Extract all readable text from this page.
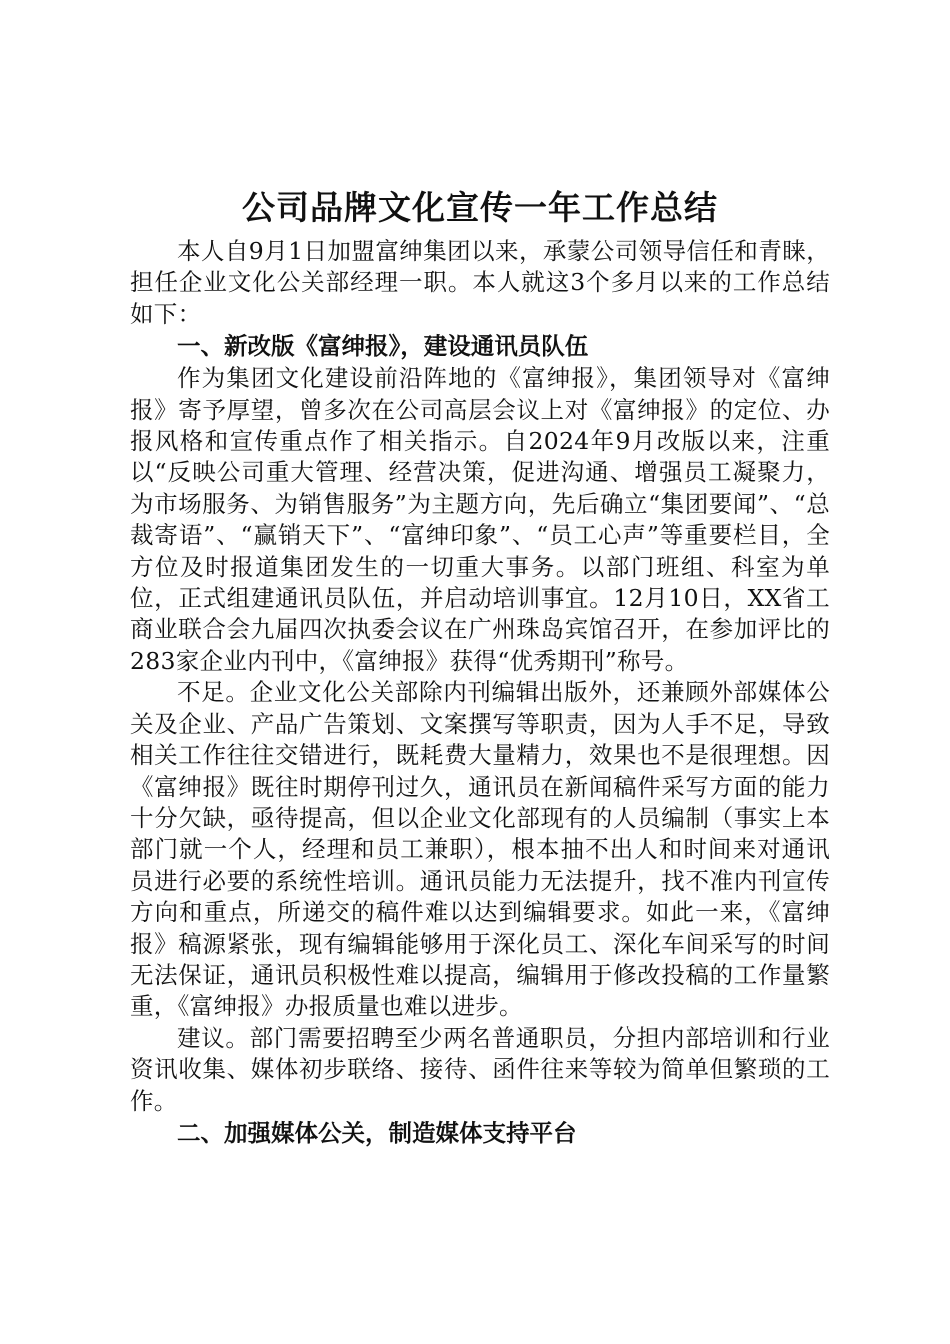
公司品牌文化宣传一年工作总结

本人自9月1日加盟富绅集团以来，承蒙公司领导信任和青睐，担任企业文化公关部经理一职。本人就这3个多月以来的工作总结如下：

一、新改版《富绅报》，建设通讯员队伍

作为集团文化建设前沿阵地的《富绅报》，集团领导对《富绅报》寄予厚望，曾多次在公司高层会议上对《富绅报》的定位、办报风格和宣传重点作了相关指示。自2024年9月改版以来，注重以“反映公司重大管理、经营决策，促进沟通、增强员工凝聚力，为市场服务、为销售服务”为主题方向，先后确立“集团要闻”、“总裁寄语”、“赢销天下”、“富绅印象”、“员工心声”等重要栏目，全方位及时报道集团发生的一切重大事务。以部门班组、科室为单位，正式组建通讯员队伍，并启动培训事宜。12月10日，XX省工商业联合会九届四次执委会议在广州珠岛宾馆召开，在参加评比的283家企业内刊中，《富绅报》获得“优秀期刊”称号。

不足。企业文化公关部除内刊编辑出版外，还兼顾外部媒体公关及企业、产品广告策划、文案撰写等职责，因为人手不足，导致相关工作往往交错进行，既耗费大量精力，效果也不是很理想。因《富绅报》既往时期停刊过久，通讯员在新闻稿件采写方面的能力十分欠缺，亟待提高，但以企业文化部现有的人员编制（事实上本部门就一个人，经理和员工兼职），根本抽不出人和时间来对通讯员进行必要的系统性培训。通讯员能力无法提升，找不准内刊宣传方向和重点，所递交的稿件难以达到编辑要求。如此一来，《富绅报》稿源紧张，现有编辑能够用于深化员工、深化车间采写的时间无法保证，通讯员积极性难以提高，编辑用于修改投稿的工作量繁重，《富绅报》办报质量也难以进步。

建议。部门需要招聘至少两名普通职员，分担内部培训和行业资讯收集、媒体初步联络、接待、函件往来等较为简单但繁琐的工作。

二、加强媒体公关，制造媒体支持平台
